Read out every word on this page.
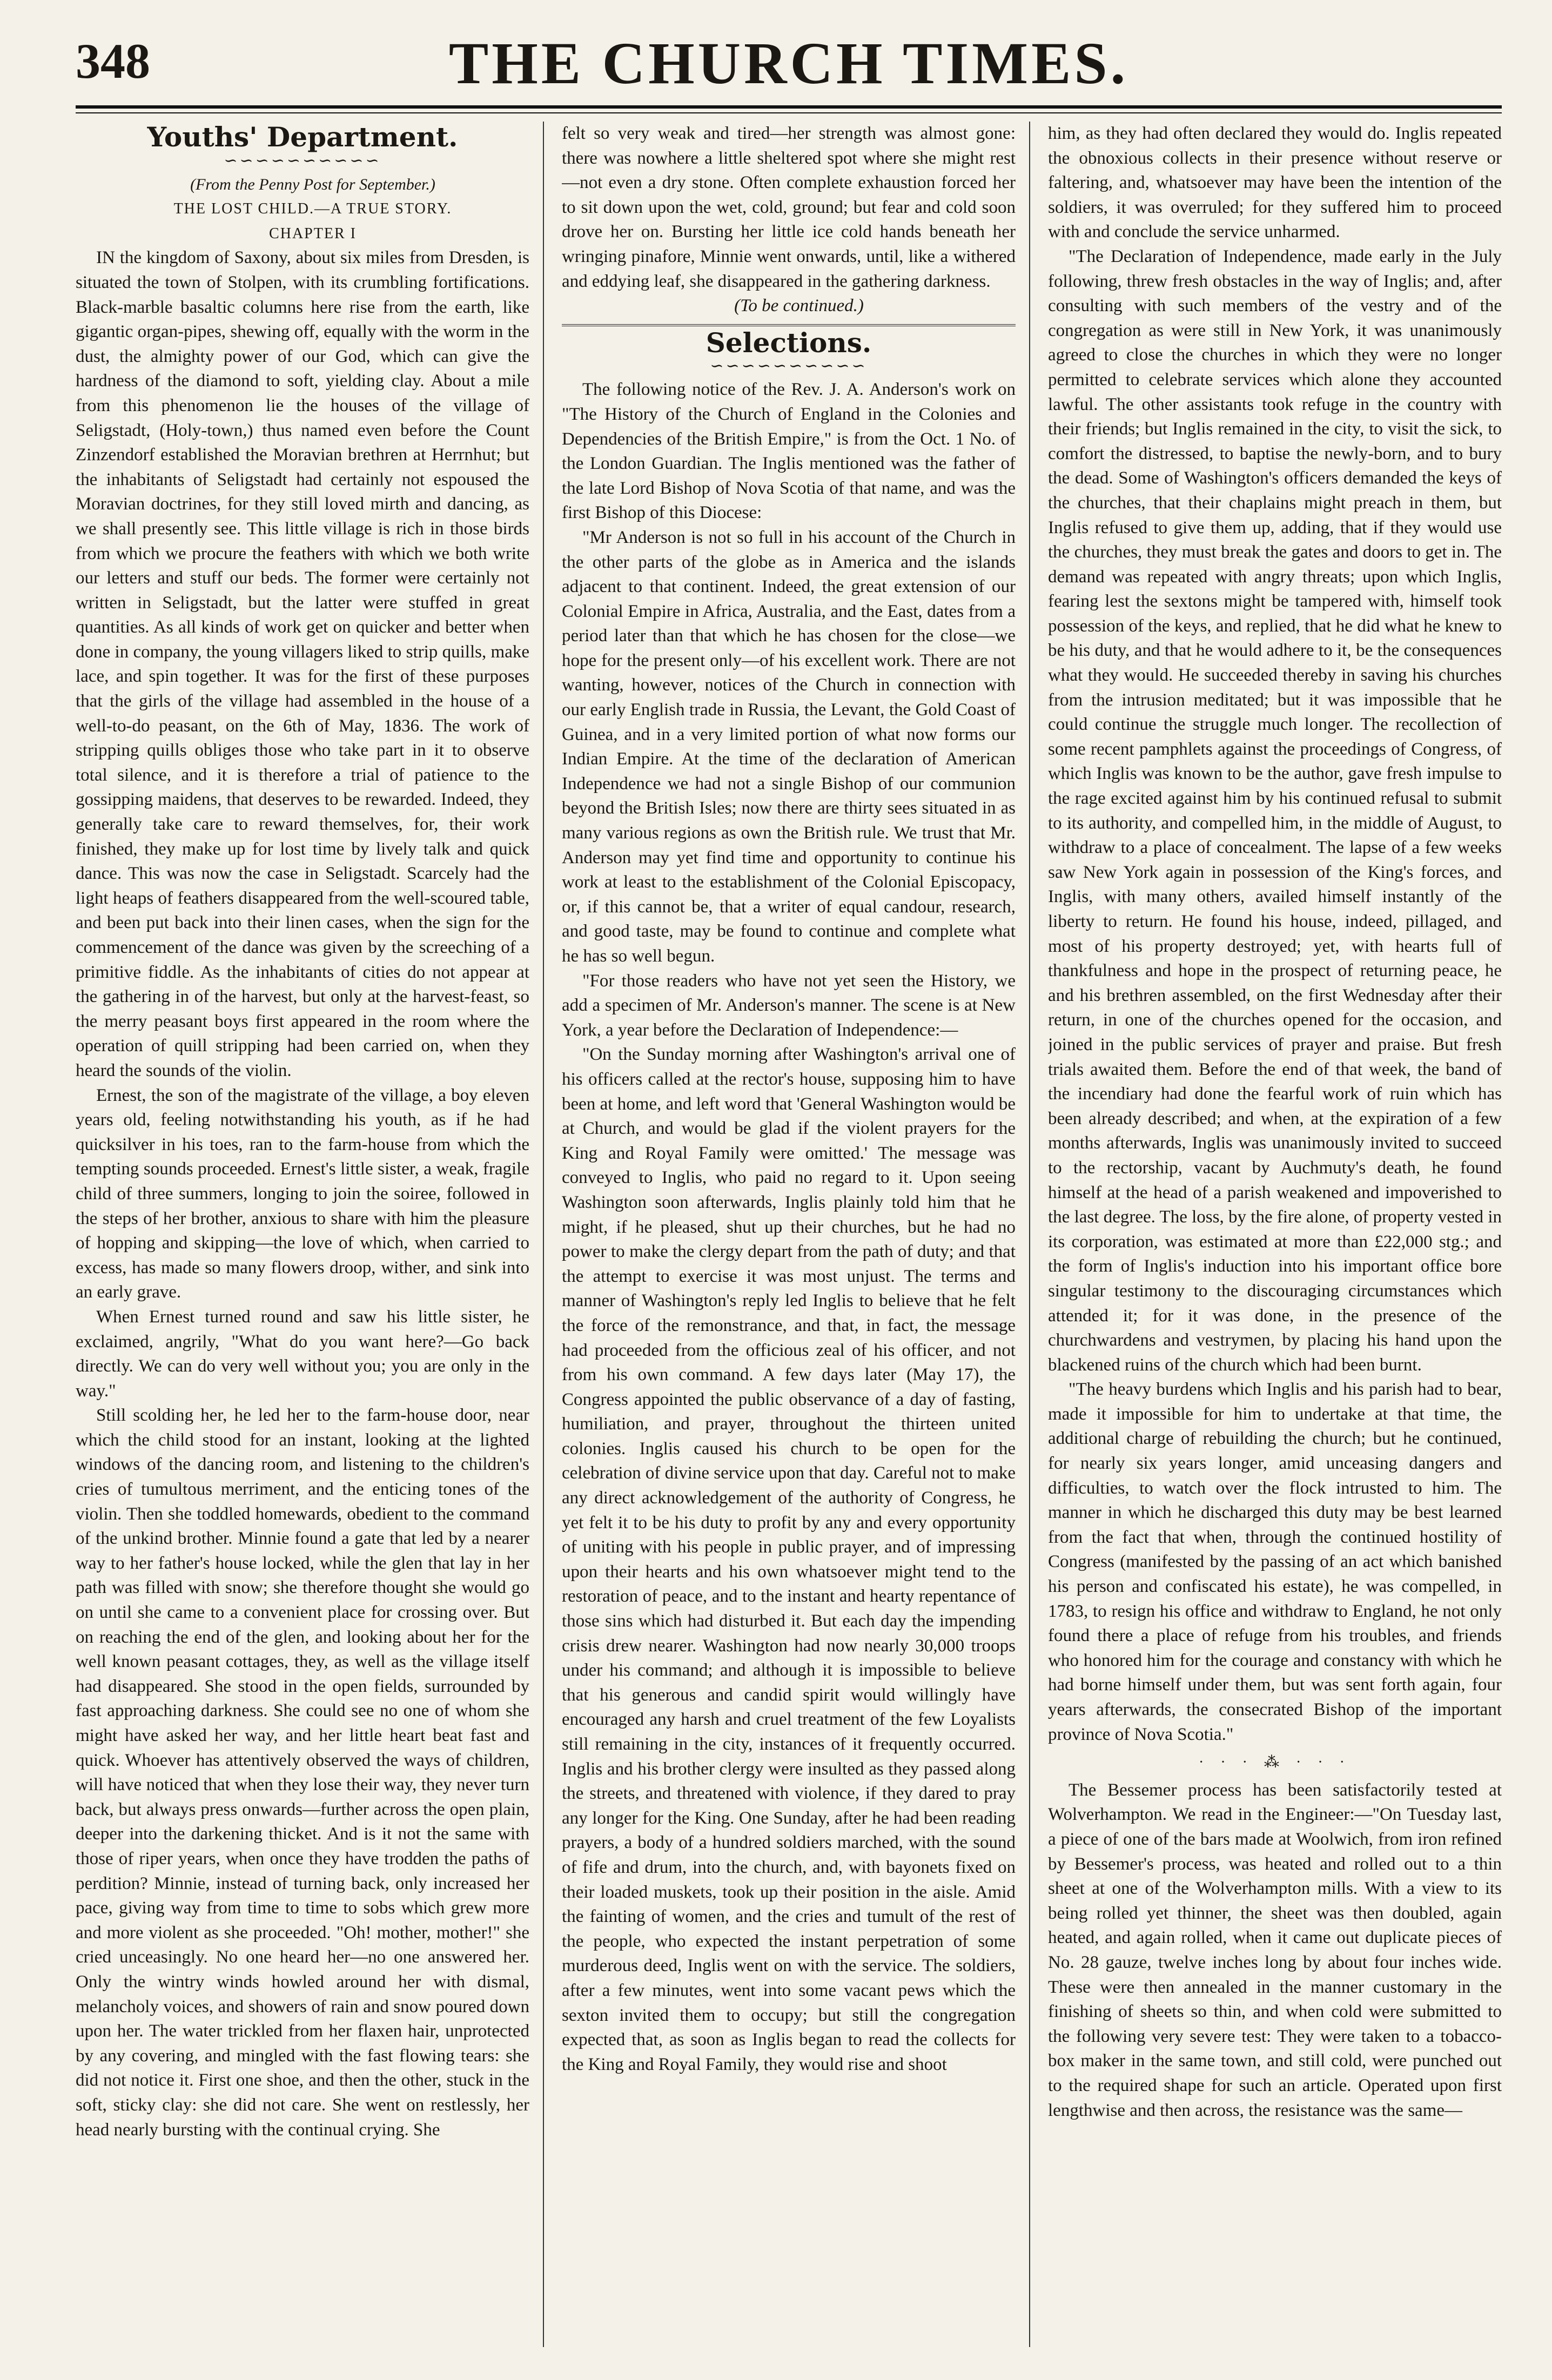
348	THE CHURCH TIMES.
Youths' Department.
∽∽∽∽∽∽∽∽∽∽

(From the Penny Post for September.)

THE LOST CHILD.—A TRUE STORY.

CHAPTER I

IN the kingdom of Saxony, about six miles from Dresden, is situated the town of Stolpen, with its crumbling fortifications. Black-marble basaltic columns here rise from the earth, like gigantic organ-pipes, shewing off, equally with the worm in the dust, the almighty power of our God, which can give the hardness of the diamond to soft, yielding clay. About a mile from this phenomenon lie the houses of the village of Seligstadt, (Holy-town,) thus named even before the Count Zinzendorf established the Moravian brethren at Herrnhut; but the inhabitants of Seligstadt had certainly not espoused the Moravian doctrines, for they still loved mirth and dancing, as we shall presently see. This little village is rich in those birds from which we procure the feathers with which we both write our letters and stuff our beds. The former were certainly not written in Seligstadt, but the latter were stuffed in great quantities. As all kinds of work get on quicker and better when done in company, the young villagers liked to strip quills, make lace, and spin together. It was for the first of these purposes that the girls of the village had assembled in the house of a well-to-do peasant, on the 6th of May, 1836. The work of stripping quills obliges those who take part in it to observe total silence, and it is therefore a trial of patience to the gossipping maidens, that deserves to be rewarded. Indeed, they generally take care to reward themselves, for, their work finished, they make up for lost time by lively talk and quick dance. This was now the case in Seligstadt. Scarcely had the light heaps of feathers disappeared from the well-scoured table, and been put back into their linen cases, when the sign for the commencement of the dance was given by the screeching of a primitive fiddle. As the inhabitants of cities do not appear at the gathering in of the harvest, but only at the harvest-feast, so the merry peasant boys first appeared in the room where the operation of quill stripping had been carried on, when they heard the sounds of the violin.

Ernest, the son of the magistrate of the village, a boy eleven years old, feeling notwithstanding his youth, as if he had quicksilver in his toes, ran to the farm-house from which the tempting sounds proceeded. Ernest's little sister, a weak, fragile child of three summers, longing to join the soiree, followed in the steps of her brother, anxious to share with him the pleasure of hopping and skipping—the love of which, when carried to excess, has made so many flowers droop, wither, and sink into an early grave.

When Ernest turned round and saw his little sister, he exclaimed, angrily, "What do you want here?—Go back directly. We can do very well without you; you are only in the way."

Still scolding her, he led her to the farm-house door, near which the child stood for an instant, looking at the lighted windows of the dancing room, and listening to the children's cries of tumultous merriment, and the enticing tones of the violin. Then she toddled homewards, obedient to the command of the unkind brother. Minnie found a gate that led by a nearer way to her father's house locked, while the glen that lay in her path was filled with snow; she therefore thought she would go on until she came to a convenient place for crossing over. But on reaching the end of the glen, and looking about her for the well known peasant cottages, they, as well as the village itself had disappeared. She stood in the open fields, surrounded by fast approaching darkness. She could see no one of whom she might have asked her way, and her little heart beat fast and quick. Whoever has attentively observed the ways of children, will have noticed that when they lose their way, they never turn back, but always press onwards—further across the open plain, deeper into the darkening thicket. And is it not the same with those of riper years, when once they have trodden the paths of perdition? Minnie, instead of turning back, only increased her pace, giving way from time to time to sobs which grew more and more violent as she proceeded. "Oh! mother, mother!" she cried unceasingly. No one heard her—no one answered her. Only the wintry winds howled around her with dismal, melancholy voices, and showers of rain and snow poured down upon her. The water trickled from her flaxen hair, unprotected by any covering, and mingled with the fast flowing tears: she did not notice it. First one shoe, and then the other, stuck in the soft, sticky clay: she did not care. She went on restlessly, her head nearly bursting with the continual crying. She

felt so very weak and tired—her strength was almost gone: there was nowhere a little sheltered spot where she might rest—not even a dry stone. Often complete exhaustion forced her to sit down upon the wet, cold, ground; but fear and cold soon drove her on. Bursting her little ice cold hands beneath her wringing pinafore, Minnie went onwards, until, like a withered and eddying leaf, she disappeared in the gathering darkness.

(To be continued.)

Selections.
∽∽∽∽∽∽∽∽∽∽

The following notice of the Rev. J. A. Anderson's work on "The History of the Church of England in the Colonies and Dependencies of the British Empire," is from the Oct. 1 No. of the London Guardian. The Inglis mentioned was the father of the late Lord Bishop of Nova Scotia of that name, and was the first Bishop of this Diocese:

"Mr Anderson is not so full in his account of the Church in the other parts of the globe as in America and the islands adjacent to that continent. Indeed, the great extension of our Colonial Empire in Africa, Australia, and the East, dates from a period later than that which he has chosen for the close—we hope for the present only—of his excellent work. There are not wanting, however, notices of the Church in connection with our early English trade in Russia, the Levant, the Gold Coast of Guinea, and in a very limited portion of what now forms our Indian Empire. At the time of the declaration of American Independence we had not a single Bishop of our communion beyond the British Isles; now there are thirty sees situated in as many various regions as own the British rule. We trust that Mr. Anderson may yet find time and opportunity to continue his work at least to the establishment of the Colonial Episcopacy, or, if this cannot be, that a writer of equal candour, research, and good taste, may be found to continue and complete what he has so well begun.

"For those readers who have not yet seen the History, we add a specimen of Mr. Anderson's manner. The scene is at New York, a year before the Declaration of Independence:—

"On the Sunday morning after Washington's arrival one of his officers called at the rector's house, supposing him to have been at home, and left word that 'General Washington would be at Church, and would be glad if the violent prayers for the King and Royal Family were omitted.' The message was conveyed to Inglis, who paid no regard to it. Upon seeing Washington soon afterwards, Inglis plainly told him that he might, if he pleased, shut up their churches, but he had no power to make the clergy depart from the path of duty; and that the attempt to exercise it was most unjust. The terms and manner of Washington's reply led Inglis to believe that he felt the force of the remonstrance, and that, in fact, the message had proceeded from the officious zeal of his officer, and not from his own command. A few days later (May 17), the Congress appointed the public observance of a day of fasting, humiliation, and prayer, throughout the thirteen united colonies. Inglis caused his church to be open for the celebration of divine service upon that day. Careful not to make any direct acknowledgement of the authority of Congress, he yet felt it to be his duty to profit by any and every opportunity of uniting with his people in public prayer, and of impressing upon their hearts and his own whatsoever might tend to the restoration of peace, and to the instant and hearty repentance of those sins which had disturbed it. But each day the impending crisis drew nearer. Washington had now nearly 30,000 troops under his command; and although it is impossible to believe that his generous and candid spirit would willingly have encouraged any harsh and cruel treatment of the few Loyalists still remaining in the city, instances of it frequently occurred. Inglis and his brother clergy were insulted as they passed along the streets, and threatened with violence, if they dared to pray any longer for the King. One Sunday, after he had been reading prayers, a body of a hundred soldiers marched, with the sound of fife and drum, into the church, and, with bayonets fixed on their loaded muskets, took up their position in the aisle. Amid the fainting of women, and the cries and tumult of the rest of the people, who expected the instant perpetration of some murderous deed, Inglis went on with the service. The soldiers, after a few minutes, went into some vacant pews which the sexton invited them to occupy; but still the congregation expected that, as soon as Inglis began to read the collects for the King and Royal Family, they would rise and shoot

him, as they had often declared they would do. Inglis repeated the obnoxious collects in their presence without reserve or faltering, and, whatsoever may have been the intention of the soldiers, it was overruled; for they suffered him to proceed with and conclude the service unharmed.

"The Declaration of Independence, made early in the July following, threw fresh obstacles in the way of Inglis; and, after consulting with such members of the vestry and of the congregation as were still in New York, it was unanimously agreed to close the churches in which they were no longer permitted to celebrate services which alone they accounted lawful. The other assistants took refuge in the country with their friends; but Inglis remained in the city, to visit the sick, to comfort the distressed, to baptise the newly-born, and to bury the dead. Some of Washington's officers demanded the keys of the churches, that their chaplains might preach in them, but Inglis refused to give them up, adding, that if they would use the churches, they must break the gates and doors to get in. The demand was repeated with angry threats; upon which Inglis, fearing lest the sextons might be tampered with, himself took possession of the keys, and replied, that he did what he knew to be his duty, and that he would adhere to it, be the consequences what they would. He succeeded thereby in saving his churches from the intrusion meditated; but it was impossible that he could continue the struggle much longer. The recollection of some recent pamphlets against the proceedings of Congress, of which Inglis was known to be the author, gave fresh impulse to the rage excited against him by his continued refusal to submit to its authority, and compelled him, in the middle of August, to withdraw to a place of concealment. The lapse of a few weeks saw New York again in possession of the King's forces, and Inglis, with many others, availed himself instantly of the liberty to return. He found his house, indeed, pillaged, and most of his property destroyed; yet, with hearts full of thankfulness and hope in the prospect of returning peace, he and his brethren assembled, on the first Wednesday after their return, in one of the churches opened for the occasion, and joined in the public services of prayer and praise. But fresh trials awaited them. Before the end of that week, the band of the incendiary had done the fearful work of ruin which has been already described; and when, at the expiration of a few months afterwards, Inglis was unanimously invited to succeed to the rectorship, vacant by Auchmuty's death, he found himself at the head of a parish weakened and impoverished to the last degree. The loss, by the fire alone, of property vested in its corporation, was estimated at more than £22,000 stg.; and the form of Inglis's induction into his important office bore singular testimony to the discouraging circumstances which attended it; for it was done, in the presence of the churchwardens and vestrymen, by placing his hand upon the blackened ruins of the church which had been burnt.

"The heavy burdens which Inglis and his parish had to bear, made it impossible for him to undertake at that time, the additional charge of rebuilding the church; but he continued, for nearly six years longer, amid unceasing dangers and difficulties, to watch over the flock intrusted to him. The manner in which he discharged this duty may be best learned from the fact that when, through the continued hostility of Congress (manifested by the passing of an act which banished his person and confiscated his estate), he was compelled, in 1783, to resign his office and withdraw to England, he not only found there a place of refuge from his troubles, and friends who honored him for the courage and constancy with which he had borne himself under them, but was sent forth again, four years afterwards, the consecrated Bishop of the important province of Nova Scotia."

· · · ⁂ · · ·

The Bessemer process has been satisfactorily tested at Wolverhampton. We read in the Engineer:—"On Tuesday last, a piece of one of the bars made at Woolwich, from iron refined by Bessemer's process, was heated and rolled out to a thin sheet at one of the Wolverhampton mills. With a view to its being rolled yet thinner, the sheet was then doubled, again heated, and again rolled, when it came out duplicate pieces of No. 28 gauze, twelve inches long by about four inches wide. These were then annealed in the manner customary in the finishing of sheets so thin, and when cold were submitted to the following very severe test: They were taken to a tobacco-box maker in the same town, and still cold, were punched out to the required shape for such an article. Operated upon first lengthwise and then across, the resistance was the same—
